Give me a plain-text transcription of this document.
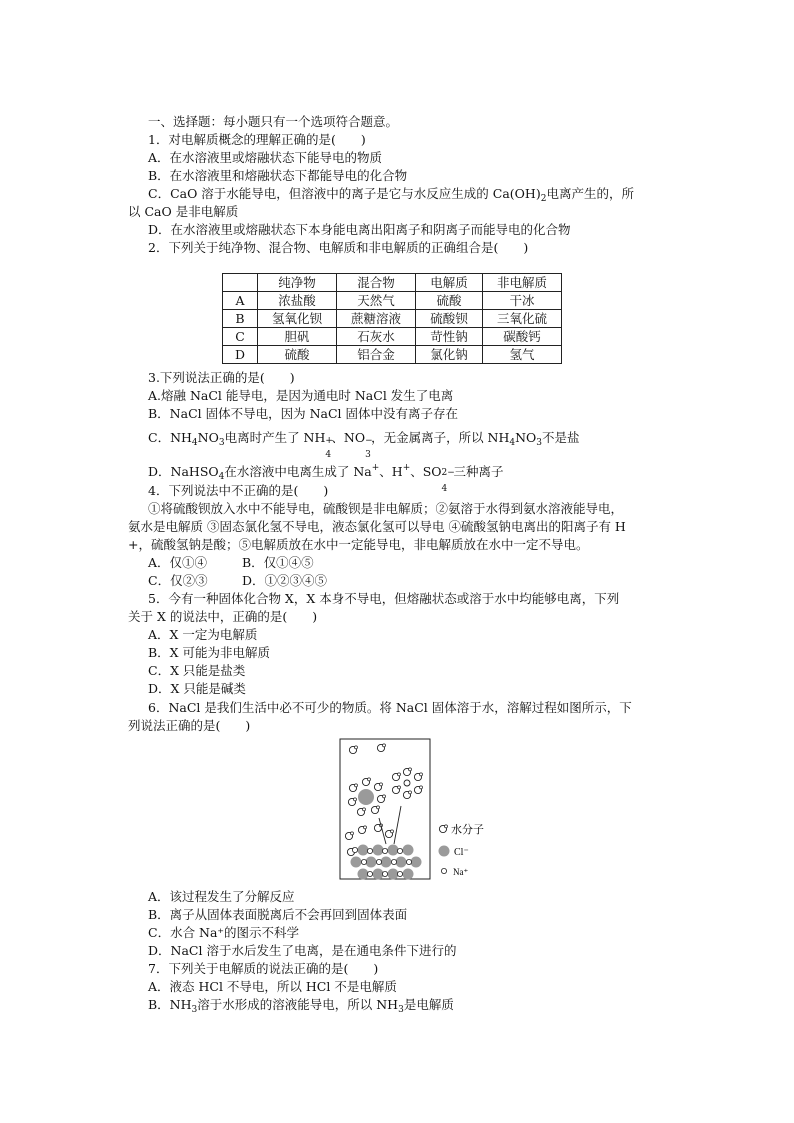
一、选择题：每小题只有一个选项符合题意。
1．对电解质概念的理解正确的是(　　)
A．在水溶液里或熔融状态下能导电的物质
B．在水溶液里和熔融状态下都能导电的化合物
C．CaO 溶于水能导电，但溶液中的离子是它与水反应生成的 $Ca(OH)_2$电离产生的，所
以 CaO 是非电解质
D．在水溶液里或熔融状态下本身能电离出阳离子和阴离子而能导电的化合物
2．下列关于纯净物、混合物、电解质和非电解质的正确组合是(　　)
	纯净物	混合物	电解质	非电解质
A	浓盐酸	天然气	硫酸	干冰
B	氢氧化钡	蔗糖溶液	硫酸钡	三氧化硫
C	胆矾	石灰水	苛性钠	碳酸钙
D	硫酸	铝合金	氯化钠	氢气
3.下列说法正确的是(　　)
A.熔融 NaCl 能导电，是因为通电时 NaCl 发生了电离
B．NaCl 固体不导电，因为 NaCl 固体中没有离子存在
C．$NH_4NO_3$电离时产生了 NH +
4
、NO −
3
，无金属离子，所以 $NH_4NO_3$不是盐
D．NaHSO$_4$在水溶液中电离生成了 Na+、H+、SO 2−
4
三种离子
4．下列说法中不正确的是(　　)
①将硫酸钡放入水中不能导电，硫酸钡是非电解质；②氨溶于水得到氨水溶液能导电，
氨水是电解质 ③固态氯化氢不导电，液态氯化氢可以导电 ④硫酸氢钠电离出的阳离子有 H
+，硫酸氢钠是酸；⑤电解质放在水中一定能导电，非电解质放在水中一定不导电。
A．仅①④	B．仅①④⑤
C．仅②③	D．①②③④⑤
5．今有一种固体化合物 X，X 本身不导电，但熔融状态或溶于水中均能够电离，下列
关于 X 的说法中，正确的是(　　)
A．X 一定为电解质
B．X 可能为非电解质
C．X 只能是盐类
D．X 只能是碱类
6．NaCl 是我们生活中必不可少的物质。将 NaCl 固体溶于水，溶解过程如图所示，下
列说法正确的是(　　)
水分子
Cl⁻
Na⁺
A．该过程发生了分解反应
B．离子从固体表面脱离后不会再回到固体表面
C．水合 Na⁺的图示不科学
D．NaCl 溶于水后发生了电离，是在通电条件下进行的
7．下列关于电解质的说法正确的是(　　)
A．液态 HCl 不导电，所以 HCl 不是电解质
B．$NH_3$溶于水形成的溶液能导电，所以 $NH_3$是电解质
